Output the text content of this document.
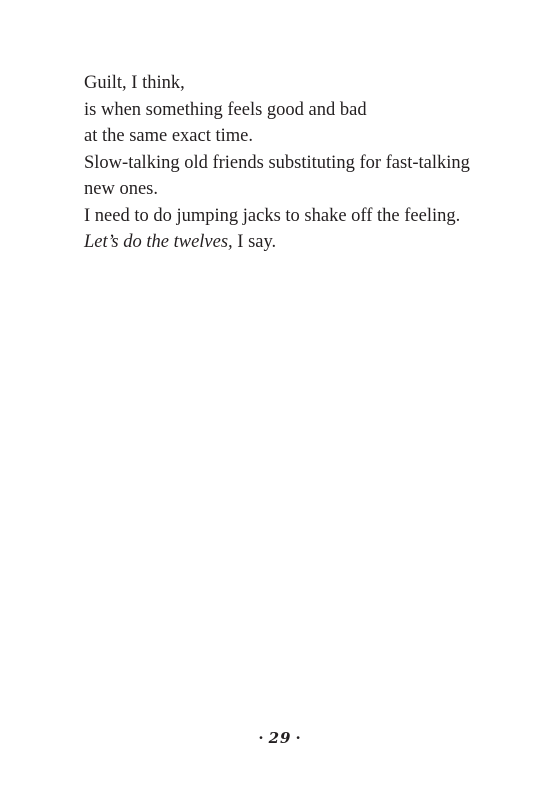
Guilt, I think,
is when something feels good and bad
at the same exact time.
Slow-talking old friends substituting for fast-talking
new ones.
I need to do jumping jacks to shake off the feeling.
Let’s do the twelves, I say.
· 29 ·
